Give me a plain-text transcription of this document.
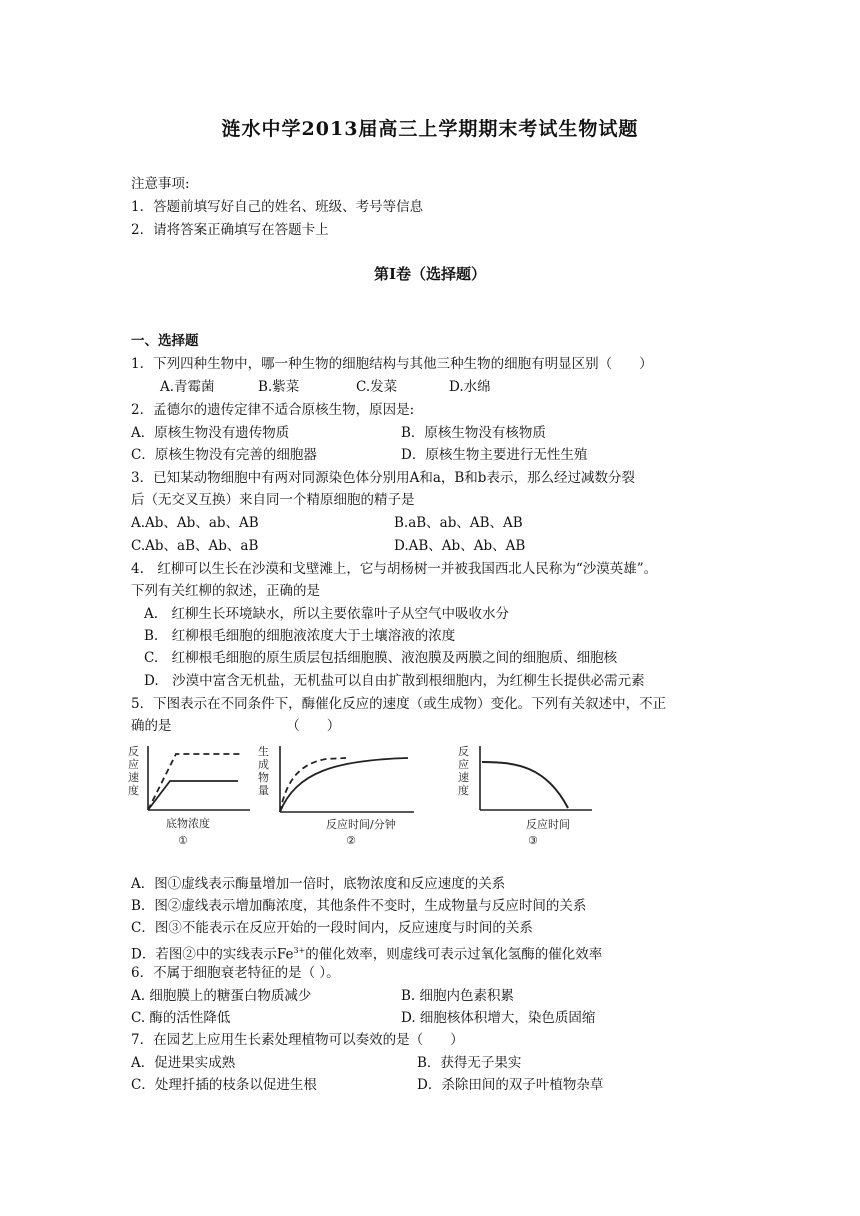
涟水中学2013届高三上学期期末考试生物试题
注意事项:
1．答题前填写好自己的姓名、班级、考号等信息
2．请将答案正确填写在答题卡上
第Ⅰ卷（选择题）
一、选择题
1．下列四种生物中，哪一种生物的细胞结构与其他三种生物的细胞有明显区别（　　）
A.青霉菌	B.紫菜	C.发菜	D.水绵
2．孟德尔的遗传定律不适合原核生物，原因是:
A．原核生物没有遗传物质	B．原核生物没有核物质
C．原核生物没有完善的细胞器	D．原核生物主要进行无性生殖
3．已知某动物细胞中有两对同源染色体分别用A和a，B和b表示，那么经过减数分裂
后（无交叉互换）来自同一个精原细胞的精子是
A.Ab、Ab、ab、AB	B.aB、ab、AB、AB
C.Ab、aB、Ab、aB	D.AB、Ab、Ab、AB
4.　红柳可以生长在沙漠和戈壁滩上，它与胡杨树一并被我国西北人民称为“沙漠英雄”。
下列有关红柳的叙述，正确的是
A.　红柳生长环境缺水，所以主要依靠叶子从空气中吸收水分
B.　红柳根毛细胞的细胞液浓度大于土壤溶液的浓度
C.　红柳根毛细胞的原生质层包括细胞膜、液泡膜及两膜之间的细胞质、细胞核
D.　沙漠中富含无机盐，无机盐可以自由扩散到根细胞内，为红柳生长提供必需元素
5．下图表示在不同条件下，酶催化反应的速度（或生成物）变化。下列有关叙述中，不正
确的是　　　　　　　　　（　　）
反
应
速
度
底物浓度
①
生
成
物
量
反应时间/分钟
②
反
应
速
度
反应时间
③
A．图①虚线表示酶量增加一倍时，底物浓度和反应速度的关系
B．图②虚线表示增加酶浓度，其他条件不变时，生成物量与反应时间的关系
C．图③不能表示在反应开始的一段时间内，反应速度与时间的关系
D．若图②中的实线表示$Fe^{3+}$的催化效率，则虚线可表示过氧化氢酶的催化效率
6．不属于细胞衰老特征的是（ ）。
A. 细胞膜上的糖蛋白物质减少	B. 细胞内色素积累
C. 酶的活性降低	D. 细胞核体积增大，染色质固缩
7．在园艺上应用生长素处理植物可以奏效的是（　　）
A．促进果实成熟	B．获得无子果实
C．处理扦插的枝条以促进生根	D．杀除田间的双子叶植物杂草
